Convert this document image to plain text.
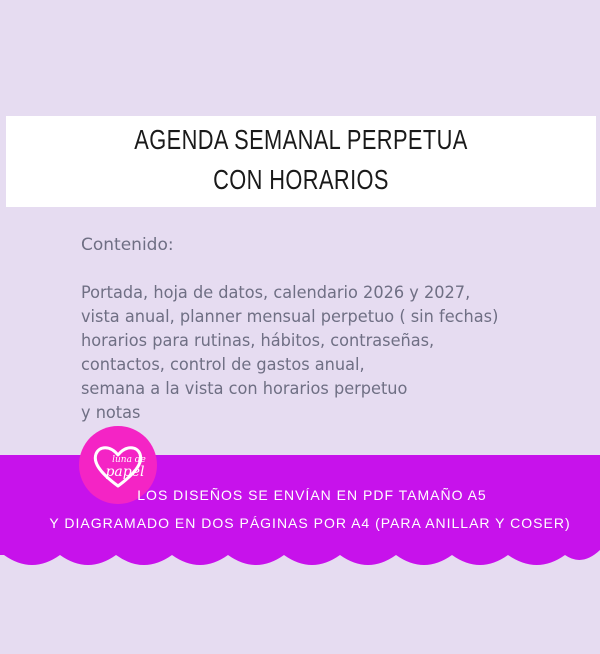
AGENDA SEMANAL PERPETUA
CON HORARIOS
Contenido:
Portada, hoja de datos, calendario 2026 y 2027,
vista anual, planner mensual perpetuo ( sin fechas)
horarios para rutinas, hábitos, contraseñas,
contactos, control de gastos anual,
semana a la vista con horarios perpetuo
y notas
luna de
papel
LOS DISEÑOS SE ENVÍAN EN PDF TAMAÑO A5
Y DIAGRAMADO EN DOS PÁGINAS POR A4 (PARA ANILLAR Y COSER)
